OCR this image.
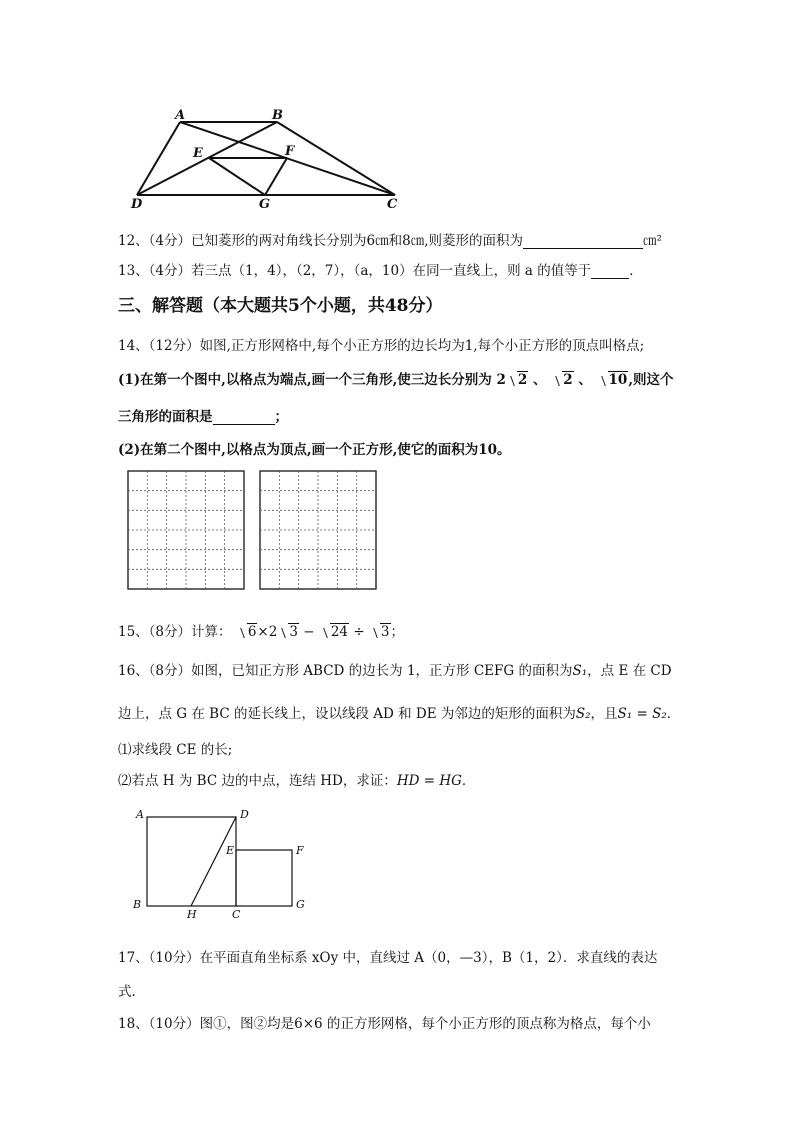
A	B
E	F
D	G	C
12、（4分）已知菱形的两对角线长分别为6㎝和8㎝,则菱形的面积为	㎝²
13、（4分）若三点（1，4），（2，7），（a，10）在同一直线上，则 a 的值等于	．
三、解答题（本大题共5个小题，共48分）
14、（12分）如图,正方形网格中,每个小正方形的边长均为1,每个小正方形的顶点叫格点;
(1)在第一个图中,以格点为端点,画一个三角形,使三边长分别为 2 2 、 2 、 10,则这个
三角形的面积是	；
(2)在第二个图中,以格点为顶点,画一个正方形,使它的面积为10。
15、（8分）计算： 6×2 3 − 24 ÷ 3；
16、（8分）如图，已知正方形 ABCD 的边长为 1，正方形 CEFG 的面积为S₁，点 E 在 CD
边上，点 G 在 BC 的延长线上，设以线段 AD 和 DE 为邻边的矩形的面积为S₂，且S₁ = S₂．
⑴求线段 CE 的长;
⑵若点 H 为 BC 边的中点，连结 HD，求证：HD = HG．
A	D
E	F
B
H	C
G
17、（10分）在平面直角坐标系 xOy 中，直线过 A（0，—3），B（1，2）．求直线的表达
式.
18、（10分）图①，图②均是6×6 的正方形网格，每个小正方形的顶点称为格点，每个小
